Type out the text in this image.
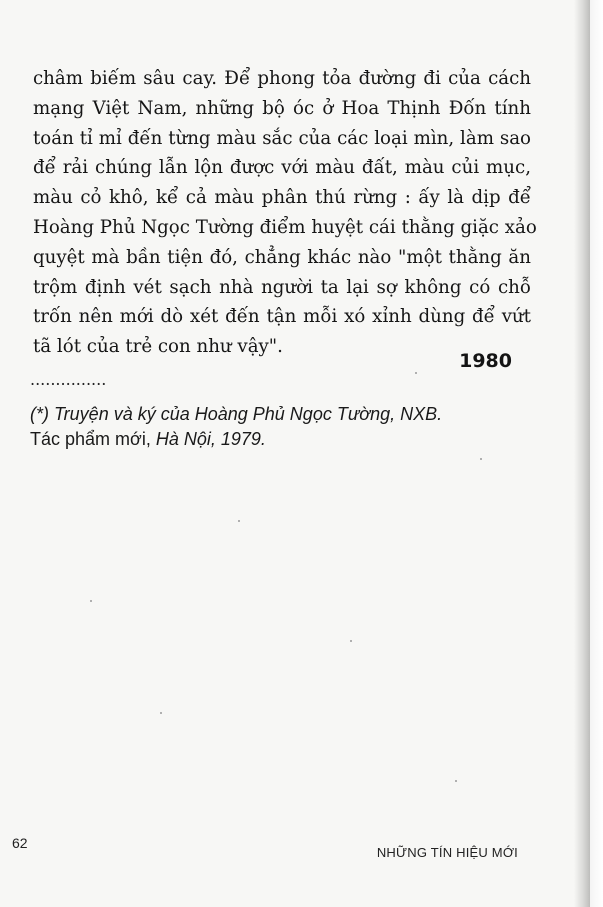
châm biếm sâu cay. Để phong tỏa đường đi của cách
mạng Việt Nam, những bộ óc ở Hoa Thịnh Đốn tính
toán tỉ mỉ đến từng màu sắc của các loại mìn, làm sao
để rải chúng lẫn lộn được với màu đất, màu củi mục,
màu cỏ khô, kể cả màu phân thú rừng : ấy là dịp để
Hoàng Phủ Ngọc Tường điểm huyệt cái thằng giặc xảo
quyệt mà bần tiện đó, chẳng khác nào "một thằng ăn
trộm định vét sạch nhà người ta lại sợ không có chỗ
trốn nên mới dò xét đến tận mỗi xó xỉnh dùng để vứt
tã lót của trẻ con như vậy".

1980
...............
(*) Truyện và ký của Hoàng Phủ Ngọc Tường, NXB.
Tác phẩm mới, Hà Nội, 1979.
62
NHỮNG TÍN HIỆU MỚI
